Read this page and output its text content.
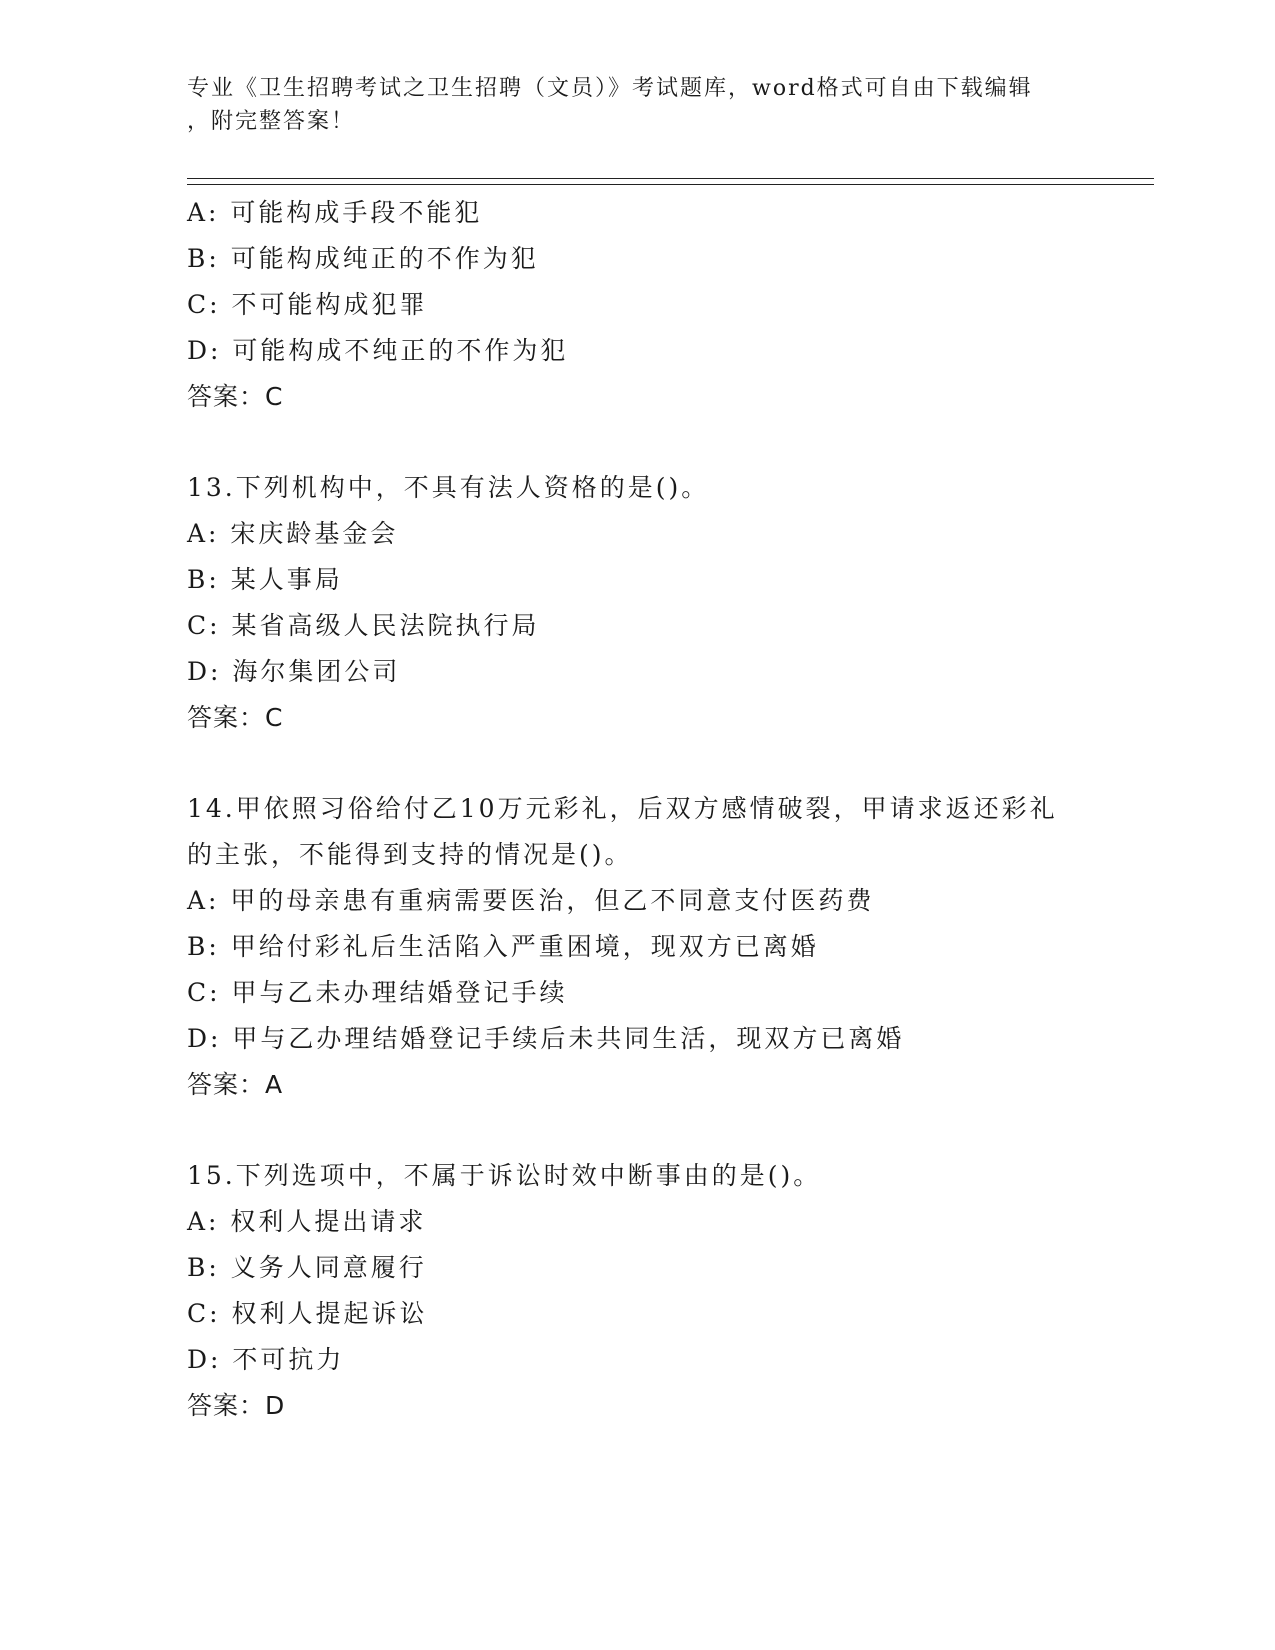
专业《卫生招聘考试之卫生招聘（文员）》考试题库，word格式可自由下载编辑
，附完整答案！
A: 可能构成手段不能犯
B: 可能构成纯正的不作为犯
C: 不可能构成犯罪
D: 可能构成不纯正的不作为犯
答案：C
13.下列机构中，不具有法人资格的是()。
A: 宋庆龄基金会
B: 某人事局
C: 某省高级人民法院执行局
D: 海尔集团公司
答案：C
14.甲依照习俗给付乙10万元彩礼，后双方感情破裂，甲请求返还彩礼的主张，不能得到支持的情况是()。
A: 甲的母亲患有重病需要医治，但乙不同意支付医药费
B: 甲给付彩礼后生活陷入严重困境，现双方已离婚
C: 甲与乙未办理结婚登记手续
D: 甲与乙办理结婚登记手续后未共同生活，现双方已离婚
答案：A
15.下列选项中，不属于诉讼时效中断事由的是()。
A: 权利人提出请求
B: 义务人同意履行
C: 权利人提起诉讼
D: 不可抗力
答案：D
